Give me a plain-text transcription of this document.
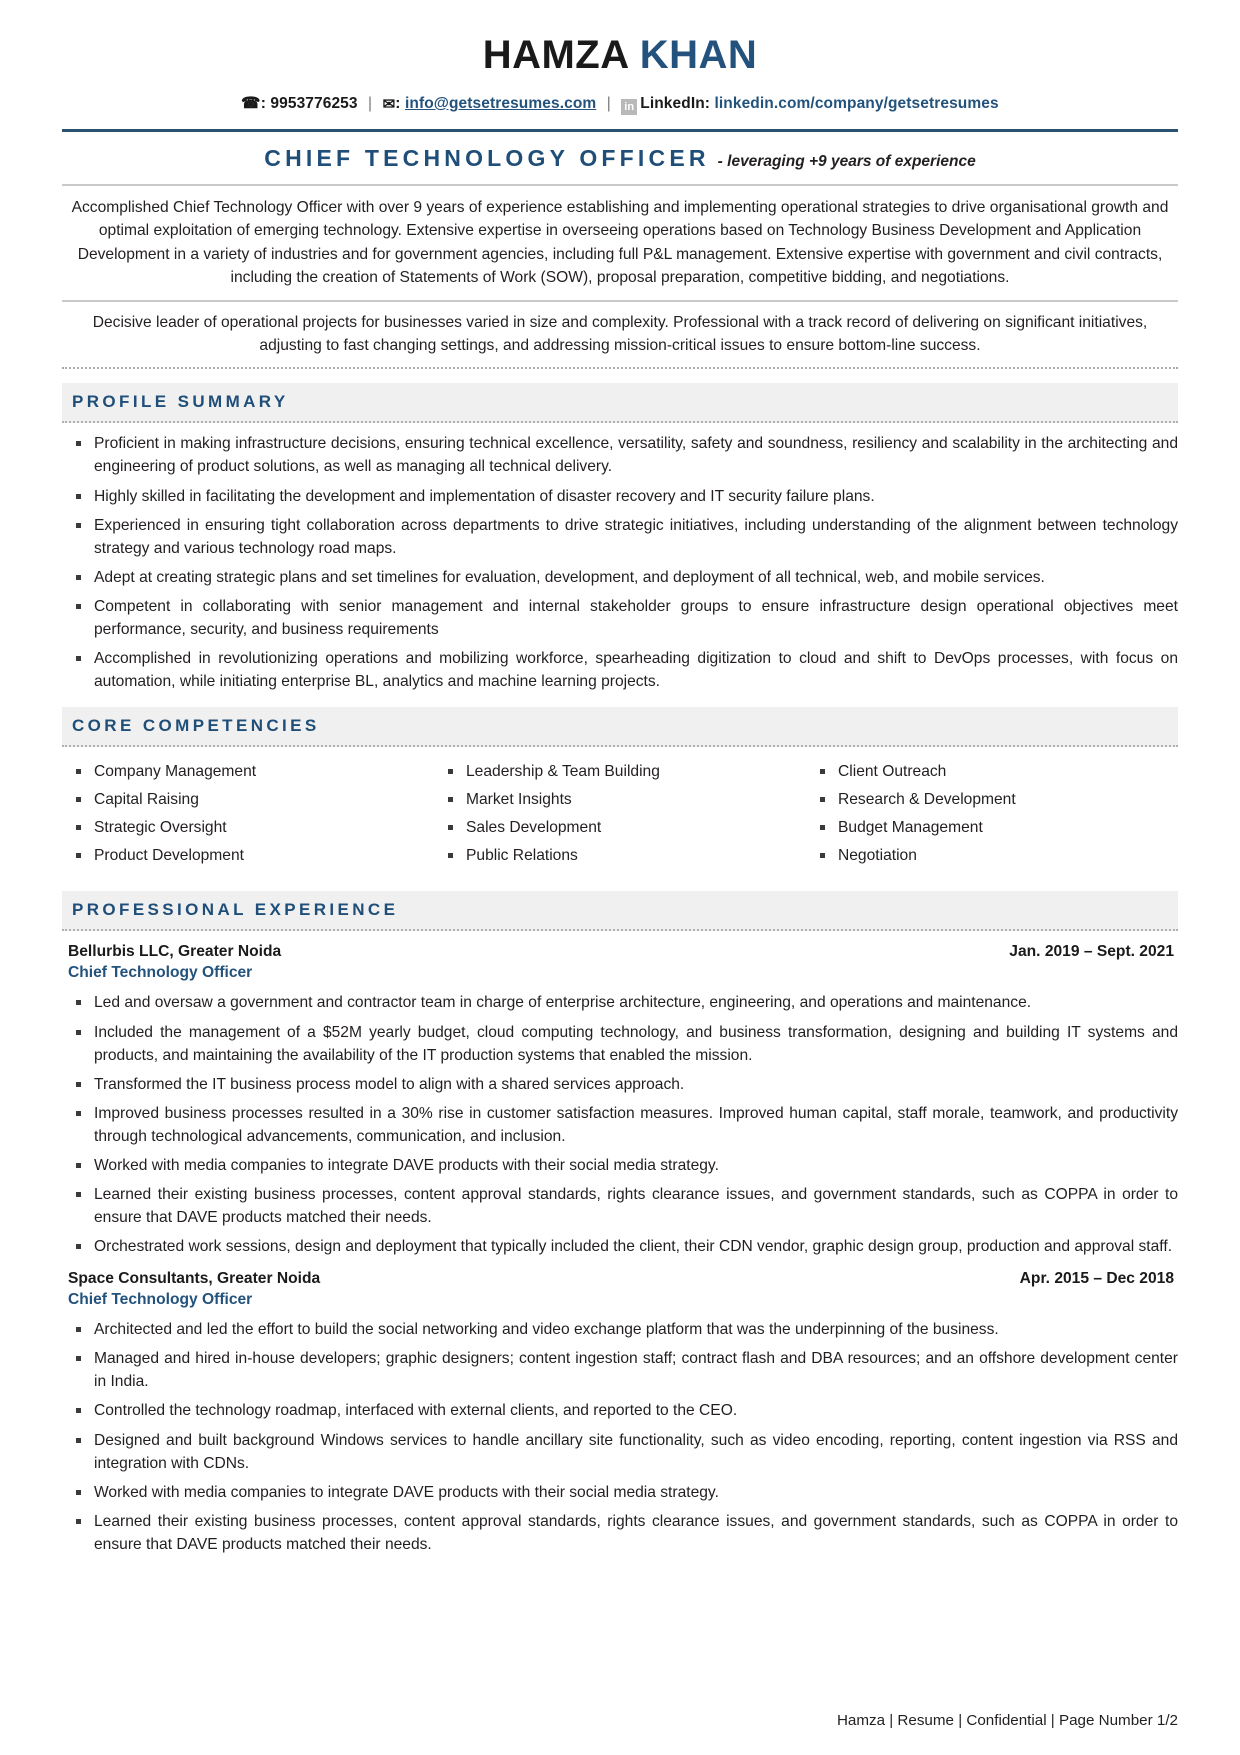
HAMZA KHAN
☎: 9953776253 | ✉: info@getsetresumes.com | in LinkedIn: linkedin.com/company/getsetresumes
CHIEF TECHNOLOGY OFFICER - leveraging +9 years of experience
Accomplished Chief Technology Officer with over 9 years of experience establishing and implementing operational strategies to drive organisational growth and optimal exploitation of emerging technology. Extensive expertise in overseeing operations based on Technology Business Development and Application Development in a variety of industries and for government agencies, including full P&L management. Extensive expertise with government and civil contracts, including the creation of Statements of Work (SOW), proposal preparation, competitive bidding, and negotiations.
Decisive leader of operational projects for businesses varied in size and complexity. Professional with a track record of delivering on significant initiatives, adjusting to fast changing settings, and addressing mission-critical issues to ensure bottom-line success.
PROFILE SUMMARY
Proficient in making infrastructure decisions, ensuring technical excellence, versatility, safety and soundness, resiliency and scalability in the architecting and engineering of product solutions, as well as managing all technical delivery.
Highly skilled in facilitating the development and implementation of disaster recovery and IT security failure plans.
Experienced in ensuring tight collaboration across departments to drive strategic initiatives, including understanding of the alignment between technology strategy and various technology road maps.
Adept at creating strategic plans and set timelines for evaluation, development, and deployment of all technical, web, and mobile services.
Competent in collaborating with senior management and internal stakeholder groups to ensure infrastructure design operational objectives meet performance, security, and business requirements
Accomplished in revolutionizing operations and mobilizing workforce, spearheading digitization to cloud and shift to DevOps processes, with focus on automation, while initiating enterprise BL, analytics and machine learning projects.
CORE COMPETENCIES
Company Management	Leadership & Team Building	Client Outreach
Capital Raising	Market Insights	Research & Development
Strategic Oversight	Sales Development	Budget Management
Product Development	Public Relations	Negotiation
PROFESSIONAL EXPERIENCE
Bellurbis LLC, Greater Noida	Jan. 2019 – Sept. 2021
Chief Technology Officer
Led and oversaw a government and contractor team in charge of enterprise architecture, engineering, and operations and maintenance.
Included the management of a $52M yearly budget, cloud computing technology, and business transformation, designing and building IT systems and products, and maintaining the availability of the IT production systems that enabled the mission.
Transformed the IT business process model to align with a shared services approach.
Improved business processes resulted in a 30% rise in customer satisfaction measures. Improved human capital, staff morale, teamwork, and productivity through technological advancements, communication, and inclusion.
Worked with media companies to integrate DAVE products with their social media strategy.
Learned their existing business processes, content approval standards, rights clearance issues, and government standards, such as COPPA in order to ensure that DAVE products matched their needs.
Orchestrated work sessions, design and deployment that typically included the client, their CDN vendor, graphic design group, production and approval staff.
Space Consultants, Greater Noida	Apr. 2015 – Dec 2018
Chief Technology Officer
Architected and led the effort to build the social networking and video exchange platform that was the underpinning of the business.
Managed and hired in-house developers; graphic designers; content ingestion staff; contract flash and DBA resources; and an offshore development center in India.
Controlled the technology roadmap, interfaced with external clients, and reported to the CEO.
Designed and built background Windows services to handle ancillary site functionality, such as video encoding, reporting, content ingestion via RSS and integration with CDNs.
Worked with media companies to integrate DAVE products with their social media strategy.
Learned their existing business processes, content approval standards, rights clearance issues, and government standards, such as COPPA in order to ensure that DAVE products matched their needs.
Hamza | Resume | Confidential | Page Number 1/2
